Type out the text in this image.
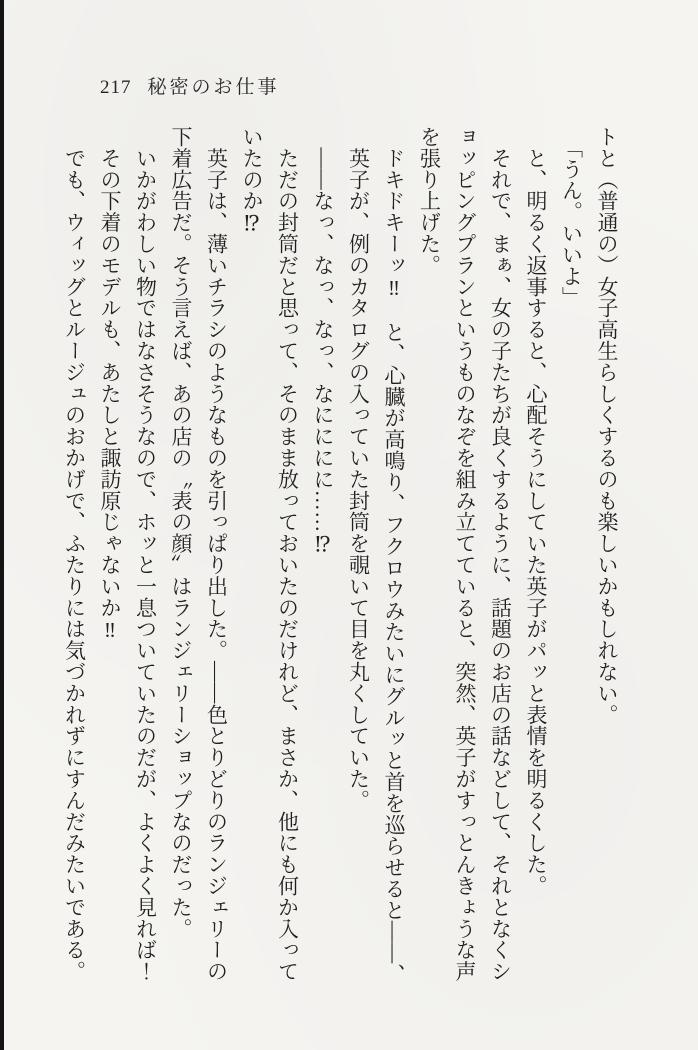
217 秘密のお仕事
トと（普通の）女子高生らしくするのも楽しいかもしれない。
　「うん。いいよ」
　と、明るく返事すると、心配そうにしていた英子がパッと表情を明るくした。
　それで、まぁ、女の子たちが良くするように、話題のお店の話などして、それとなくシ
ョッピングプランというものなぞを組み立てていると、突然、英子がすっとんきょうな声
を張り上げた。
　ドキドキーッ‼　と、心臓が高鳴り、フクロウみたいにグルッと首を巡らせると——、
　英子が、例のカタログの入っていた封筒を覗いて目を丸くしていた。
　——なっ、なっ、なっ、なにににに……⁉
　ただの封筒だと思って、そのまま放っておいたのだけれど、まさか、他にも何か入って
いたのか⁉
　英子は、薄いチラシのようなものを引っぱり出した。——色とりどりのランジェリーの
下着広告だ。そう言えば、あの店の〝表の顔〟はランジェリーショップなのだった。
　いかがわしい物ではなさそうなので、ホッと一息ついていたのだが、よくよく見れば！
　その下着のモデルも、あたしと諏訪原じゃないか‼
　でも、ウィッグとルージュのおかげで、ふたりには気づかれずにすんだみたいである。
